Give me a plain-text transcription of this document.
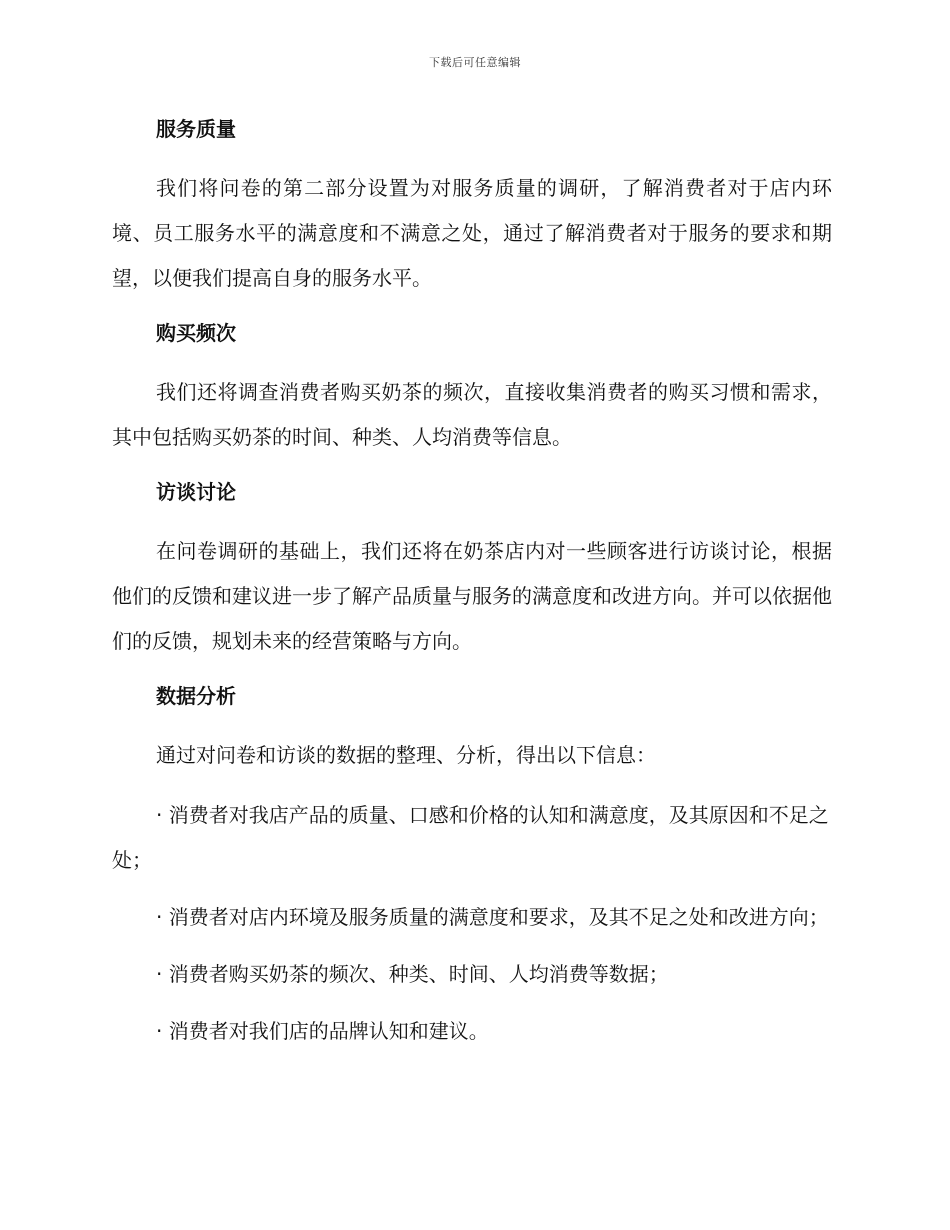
下载后可任意编辑
服务质量
我们将问卷的第二部分设置为对服务质量的调研，了解消费者对于店内环境、员工服务水平的满意度和不满意之处，通过了解消费者对于服务的要求和期望，以便我们提高自身的服务水平。
购买频次
我们还将调查消费者购买奶茶的频次，直接收集消费者的购买习惯和需求，其中包括购买奶茶的时间、种类、人均消费等信息。
访谈讨论
在问卷调研的基础上，我们还将在奶茶店内对一些顾客进行访谈讨论，根据他们的反馈和建议进一步了解产品质量与服务的满意度和改进方向。并可以依据他们的反馈，规划未来的经营策略与方向。
数据分析
通过对问卷和访谈的数据的整理、分析，得出以下信息：
· 消费者对我店产品的质量、口感和价格的认知和满意度，及其原因和不足之处；
· 消费者对店内环境及服务质量的满意度和要求，及其不足之处和改进方向；
· 消费者购买奶茶的频次、种类、时间、人均消费等数据；
· 消费者对我们店的品牌认知和建议。
